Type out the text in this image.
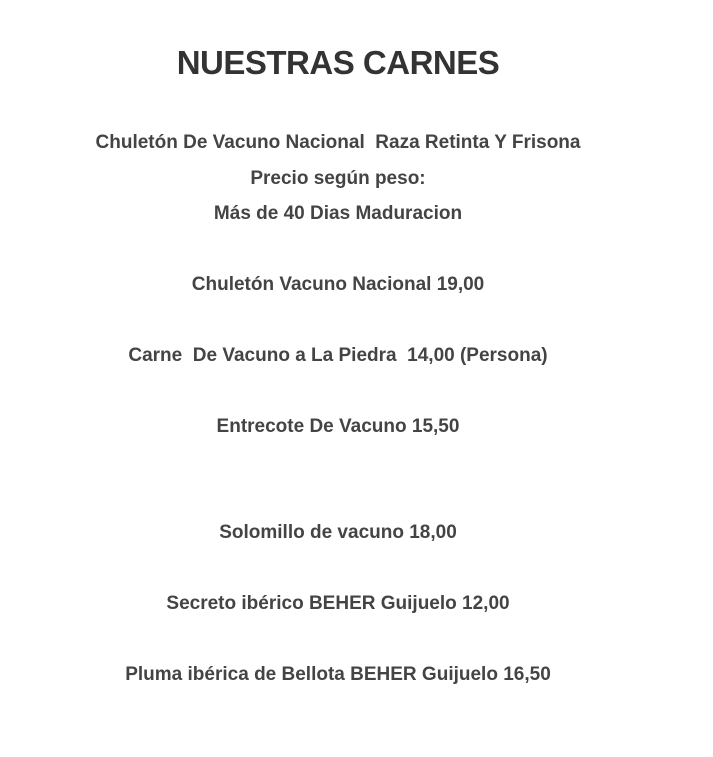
NUESTRAS CARNES
Chuletón De Vacuno Nacional  Raza Retinta Y Frisona
Precio según peso:
Más de 40 Dias Maduracion
Chuletón Vacuno Nacional 19,00
Carne  De Vacuno a La Piedra  14,00 (Persona)
Entrecote De Vacuno 15,50
Solomillo de vacuno 18,00
Secreto ibérico BEHER Guijuelo 12,00
Pluma ibérica de Bellota BEHER Guijuelo 16,50
